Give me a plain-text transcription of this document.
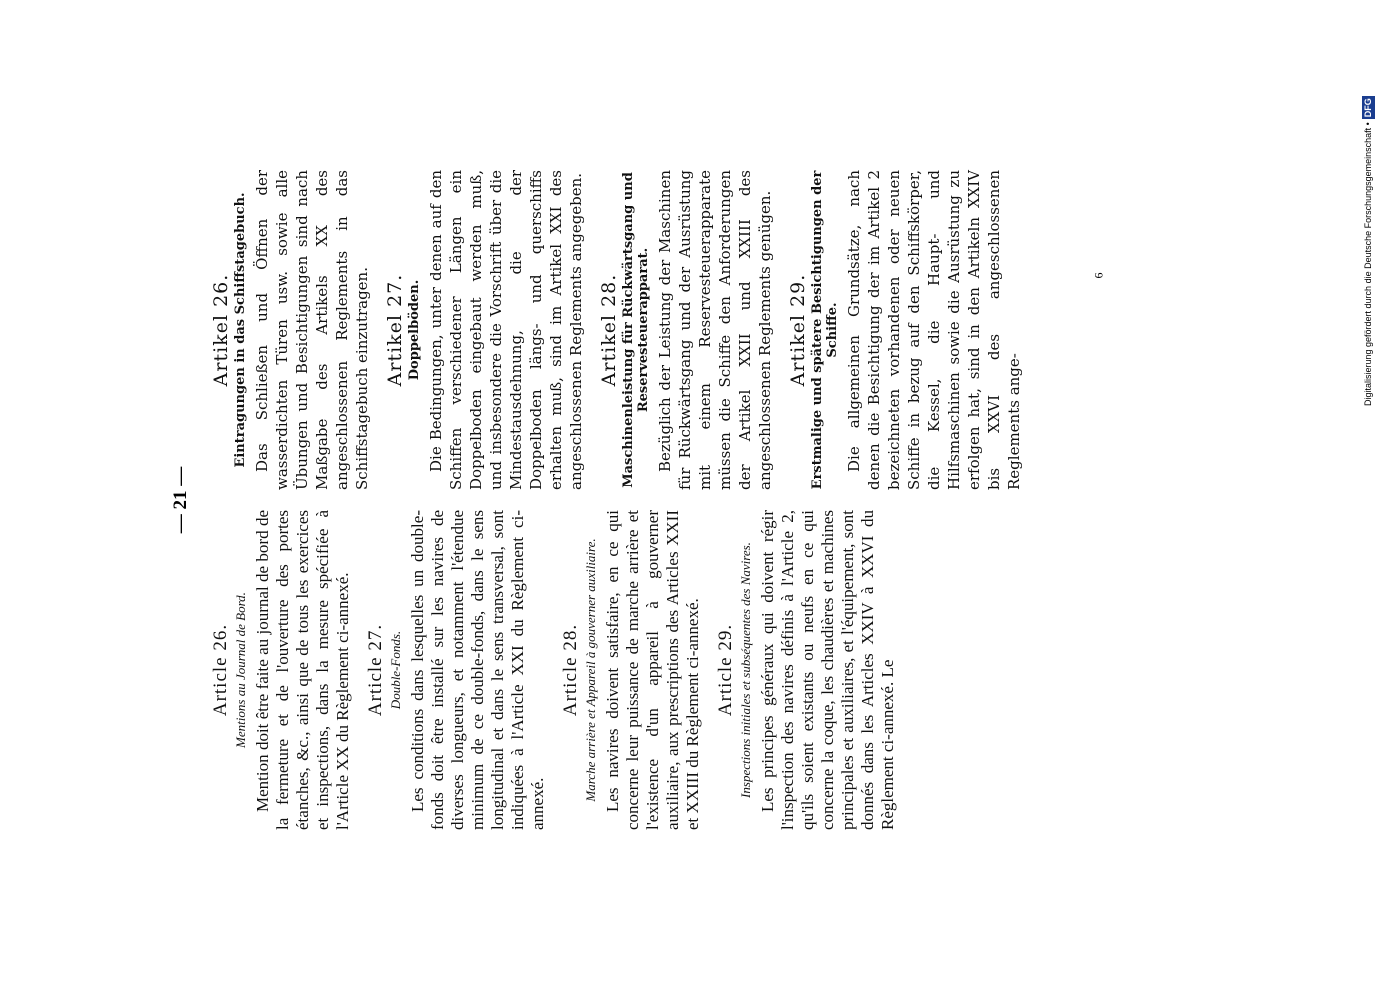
— 21 —
Article 26. Mentions au Journal de Bord. Mention doit être faite au journal de bord de la fermeture et de l'ouverture des portes étanches, &c., ainsi que de tous les exercices et inspections, dans la mesure spécifiée à l'Article XX du Règlement ci-annexé. Article 27. Double-Fonds. Les conditions dans lesquelles un double-fonds doit être installé sur les navires de diverses longueurs, et notamment l'étendue minimum de ce double-fonds, dans le sens longitudinal et dans le sens transversal, sont indiquées à l'Article XXI du Règlement ci-annexé.

Article 28. Marche arrière et Appareil à gouverner auxiliaire. Les navires doivent satisfaire, en ce qui concerne leur puissance de marche arrière et l'existence d'un appareil à gouverner auxiliaire, aux prescriptions des Articles XXII et XXIII du Règlement ci-annexé. Article 29. Inspections initiales et subséquentes des Navires. Les principes généraux qui doivent régir l'inspection des navires définis à l'Article 2, qu'ils soient existants ou neufs en ce qui concerne la coque, les chaudières et machines principales et auxiliaires, et l'équipement, sont donnés dans les Articles XXIV à XXVI du Règlement ci-annexé. Le

Artikel 26. Eintragungen in das Schiffstagebuch. Das Schließen und Öffnen der wasserdichten Türen usw. sowie alle Übungen und Besichtigungen sind nach Maßgabe des Artikels XX des angeschlossenen Reglements in das Schiffstagebuch einzutragen. Artikel 27. Doppelböden. Die Bedingungen, unter denen auf den Schiffen verschiedener Längen ein Doppelboden eingebaut werden muß, und insbesondere die Vorschrift über die Mindestausdehnung, die der Doppelboden längs- und querschiffs erhalten muß, sind im Artikel XXI des angeschlossenen Reglements angegeben. Artikel 28. Maschinenleistung für Rückwärtsgang und Reservesteuerapparat. Bezüglich der Leistung der Maschinen für Rückwärtsgang und der Ausrüstung mit einem Reservesteuerapparate müssen die Schiffe den Anforderungen der Artikel XXII und XXIII des angeschlossenen Reglements genügen. Artikel 29. Erstmalige und spätere Besichtigungen der Schiffe. Die allgemeinen Grundsätze, nach denen die Besichtigung der im Artikel 2 bezeichneten vorhandenen oder neuen Schiffe in bezug auf den Schiffskörper, die Kessel, die Haupt- und Hilfsmaschinen sowie die Ausrüstung zu erfolgen hat, sind in den Artikeln XXIV bis XXVI des angeschlossenen Reglements ange-

6	Digitalisierung gefördert durch die Deutsche Forschungsgemeinschaft •DFG
